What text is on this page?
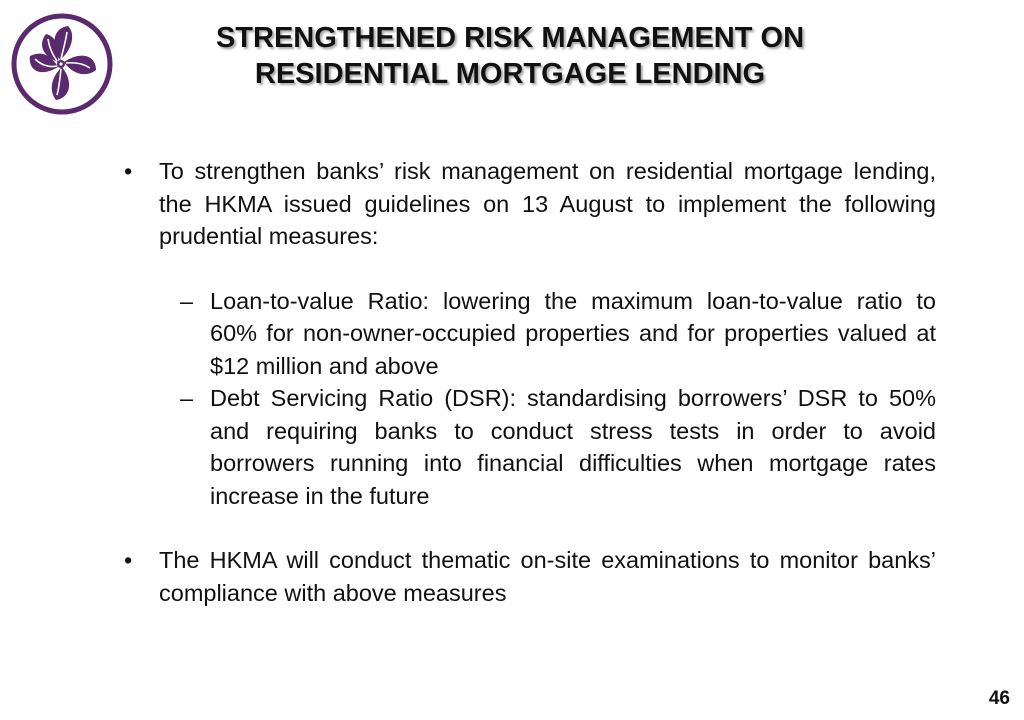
STRENGTHENED RISK MANAGEMENT ON
RESIDENTIAL MORTGAGE LENDING
• To strengthen banks’ risk management on residential mortgage lending, the HKMA issued guidelines on 13 August to implement the following prudential measures:
– Loan-to-value Ratio: lowering the maximum loan-to-value ratio to 60% for non-owner-occupied properties and for properties valued at $12 million and above
– Debt Servicing Ratio (DSR): standardising borrowers’ DSR to 50% and requiring banks to conduct stress tests in order to avoid borrowers running into financial difficulties when mortgage rates increase in the future
• The HKMA will conduct thematic on-site examinations to monitor banks’ compliance with above measures
46
